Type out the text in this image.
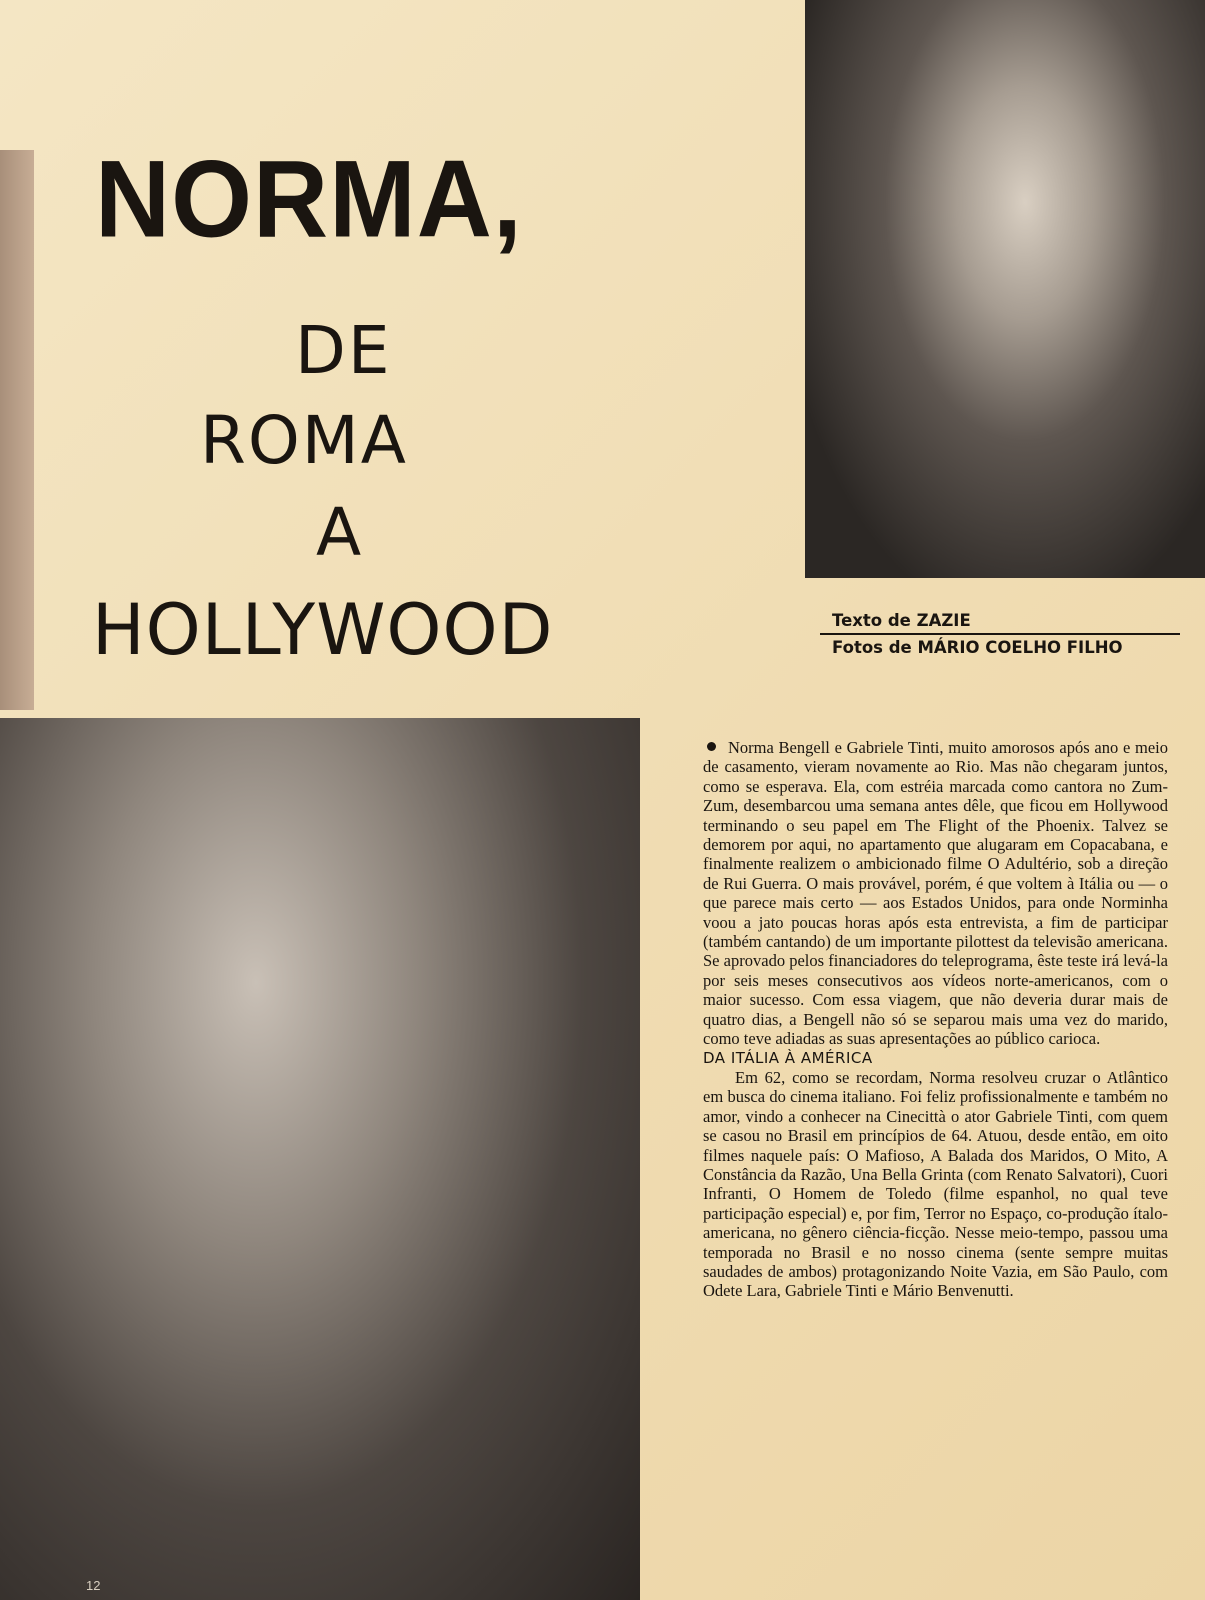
NORMA,
DE
ROMA
A
HOLLYWOOD	Texto de ZAZIE
Fotos de MÁRIO COELHO FILHO

Norma Bengell e Gabriele Tinti, muito amorosos após ano e meio de casamento, vieram novamente ao Rio. Mas não chegaram juntos, como se esperava. Ela, com estréia marcada como cantora no Zum-Zum, desembarcou uma semana antes dêle, que ficou em Hollywood terminando o seu papel em The Flight of the Phoenix. Talvez se demorem por aqui, no apartamento que alugaram em Copacabana, e finalmente realizem o ambicionado filme O Adultério, sob a direção de Rui Guerra. O mais provável, porém, é que voltem à Itália ou — o que parece mais certo — aos Estados Unidos, para onde Norminha voou a jato poucas horas após esta entrevista, a fim de participar (também cantando) de um importante pilottest da televisão americana. Se aprovado pelos financiadores do teleprograma, êste teste irá levá-la por seis meses consecutivos aos vídeos norte-americanos, com o maior sucesso. Com essa viagem, que não deveria durar mais de quatro dias, a Bengell não só se separou mais uma vez do marido, como teve adiadas as suas apresentações ao público carioca.

DA ITÁLIA À AMÉRICA

Em 62, como se recordam, Norma resolveu cruzar o Atlântico em busca do cinema italiano. Foi feliz profissionalmente e também no amor, vindo a conhecer na Cinecittà o ator Gabriele Tinti, com quem se casou no Brasil em princípios de 64. Atuou, desde então, em oito filmes naquele país: O Mafioso, A Balada dos Maridos, O Mito, A Constância da Razão, Una Bella Grinta (com Renato Salvatori), Cuori Infranti, O Homem de Toledo (filme espanhol, no qual teve participação especial) e, por fim, Terror no Espaço, co-produção ítalo-americana, no gênero ciência-ficção. Nesse meio-tempo, passou uma temporada no Brasil e no nosso cinema (sente sempre muitas saudades de ambos) protagonizando Noite Vazia, em São Paulo, com Odete Lara, Gabriele Tinti e Mário Benvenutti.

12
